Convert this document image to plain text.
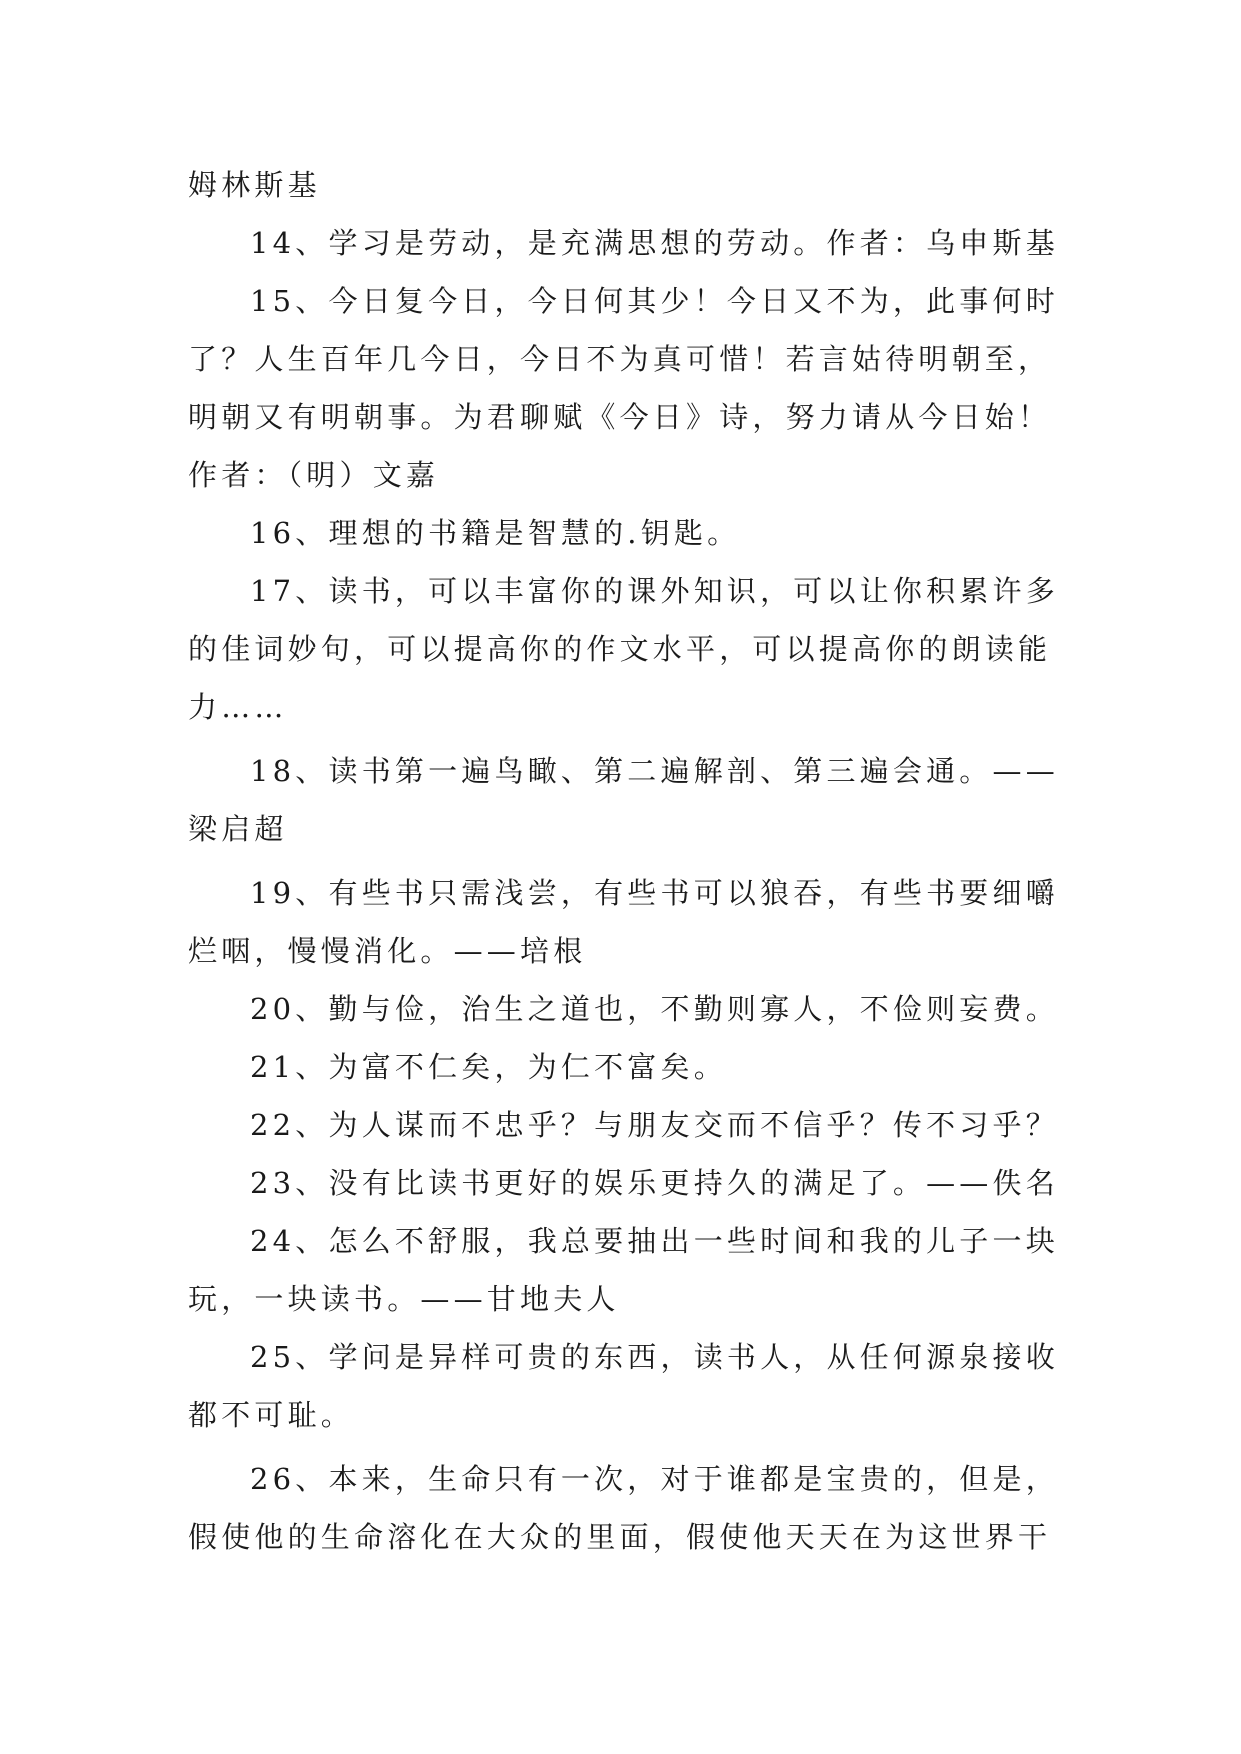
姆林斯基
14、学习是劳动，是充满思想的劳动。作者：乌申斯基
15、今日复今日，今日何其少！今日又不为，此事何时
了？人生百年几今日，今日不为真可惜！若言姑待明朝至，
明朝又有明朝事。为君聊赋《今日》诗，努力请从今日始！
作者：（明）文嘉
16、理想的书籍是智慧的.钥匙。
17、读书，可以丰富你的课外知识，可以让你积累许多
的佳词妙句，可以提高你的作文水平，可以提高你的朗读能
力……
18、读书第一遍鸟瞰、第二遍解剖、第三遍会通。——
梁启超
19、有些书只需浅尝，有些书可以狼吞，有些书要细嚼
烂咽，慢慢消化。——培根
20、勤与俭，治生之道也，不勤则寡人，不俭则妄费。
21、为富不仁矣，为仁不富矣。
22、为人谋而不忠乎？与朋友交而不信乎？传不习乎？
23、没有比读书更好的娱乐更持久的满足了。——佚名
24、怎么不舒服，我总要抽出一些时间和我的儿子一块
玩，一块读书。——甘地夫人
25、学问是异样可贵的东西，读书人，从任何源泉接收
都不可耻。
26、本来，生命只有一次，对于谁都是宝贵的，但是，
假使他的生命溶化在大众的里面，假使他天天在为这世界干
